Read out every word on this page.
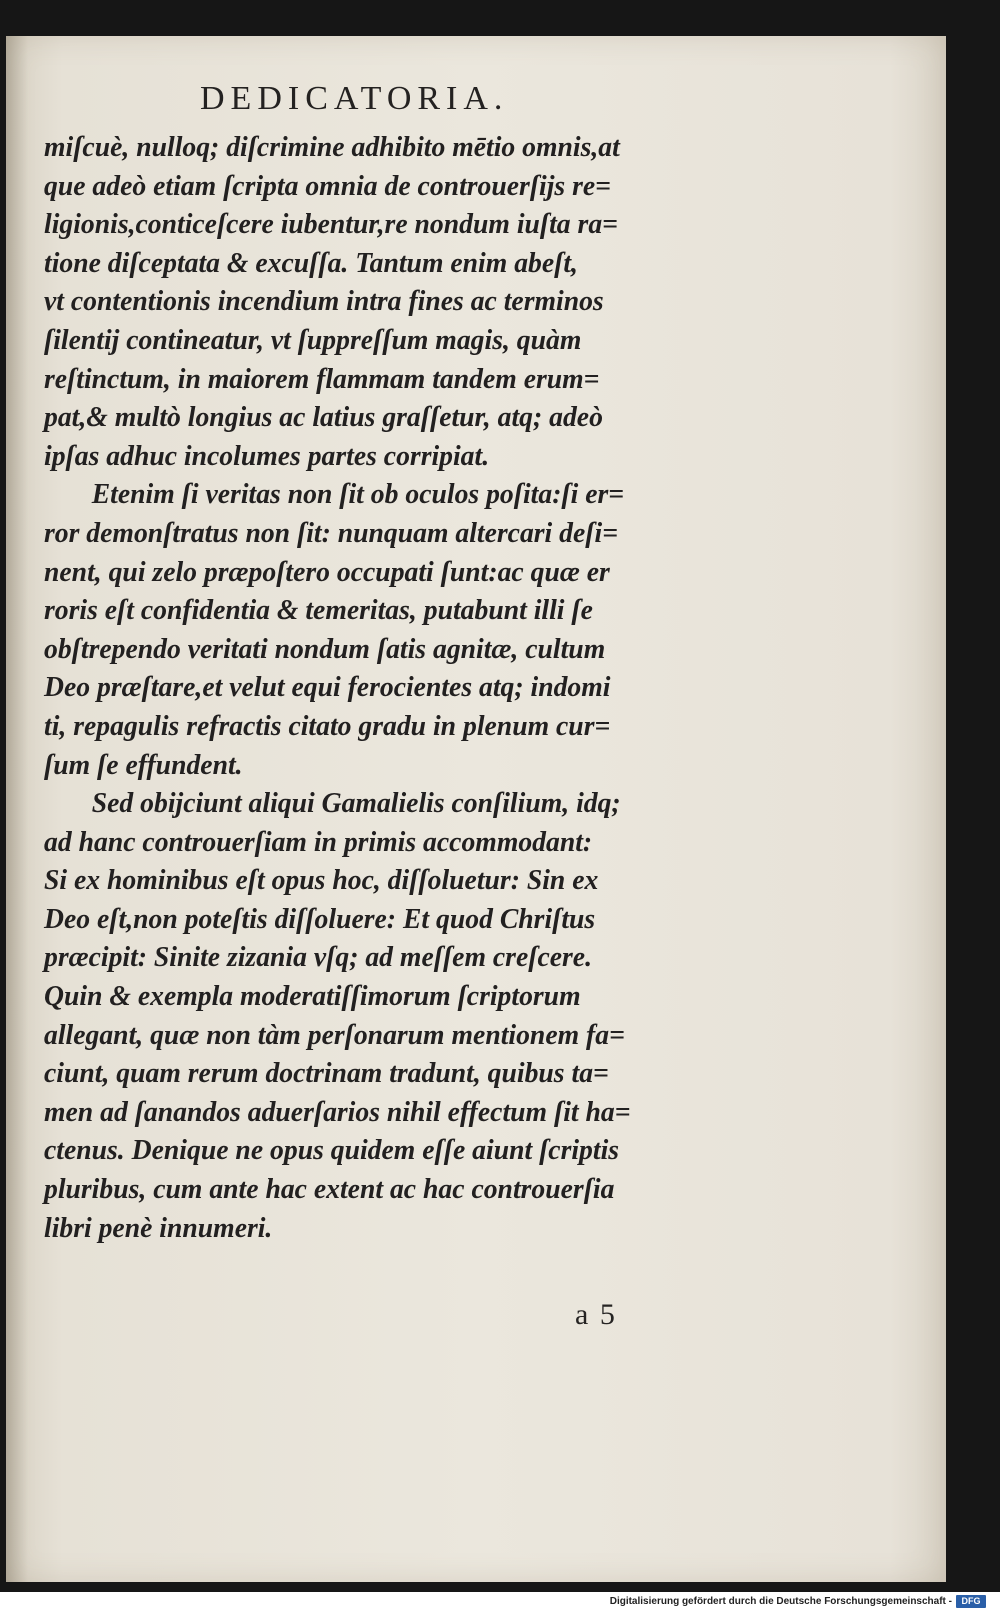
DEDICATORIA.
miſcuè, nulloq; diſcrimine adhibito mētio omnis,at
que adeò etiam ſcripta omnia de controuerſijs re=
ligionis,conticeſcere iubentur,re nondum iuſta ra=
tione diſceptata & excuſſa. Tantum enim abeſt,
vt contentionis incendium intra fines ac terminos
ſilentij contineatur, vt ſuppreſſum magis, quàm
reſtinctum, in maiorem flammam tandem erum=
pat,& multò longius ac latius graſſetur, atq; adeò
ipſas adhuc incolumes partes corripiat.
Etenim ſi veritas non ſit ob oculos poſita:ſi er=
ror demonſtratus non ſit: nunquam altercari deſi=
nent, qui zelo præpoſtero occupati ſunt:ac quæ er
roris eſt confidentia & temeritas, putabunt illi ſe
obſtrependo veritati nondum ſatis agnitæ, cultum
Deo præſtare,et velut equi ferocientes atq; indomi
ti, repagulis refractis citato gradu in plenum cur=
ſum ſe effundent.
Sed obijciunt aliqui Gamalielis conſilium, idq;
ad hanc controuerſiam in primis accommodant:
Si ex hominibus eſt opus hoc, diſſoluetur: Sin ex
Deo eſt,non poteſtis diſſoluere: Et quod Chriſtus
præcipit: Sinite zizania vſq; ad meſſem creſcere.
Quin & exempla moderatiſſimorum ſcriptorum
allegant, quæ non tàm perſonarum mentionem fa=
ciunt, quam rerum doctrinam tradunt, quibus ta=
men ad ſanandos aduerſarios nihil effectum ſit ha=
ctenus. Denique ne opus quidem eſſe aiunt ſcriptis
pluribus, cum ante hac extent ac hac controuerſia
libri penè innumeri.
a 5
Digitalisierung gefördert durch die Deutsche Forschungsgemeinschaft -	DFG
